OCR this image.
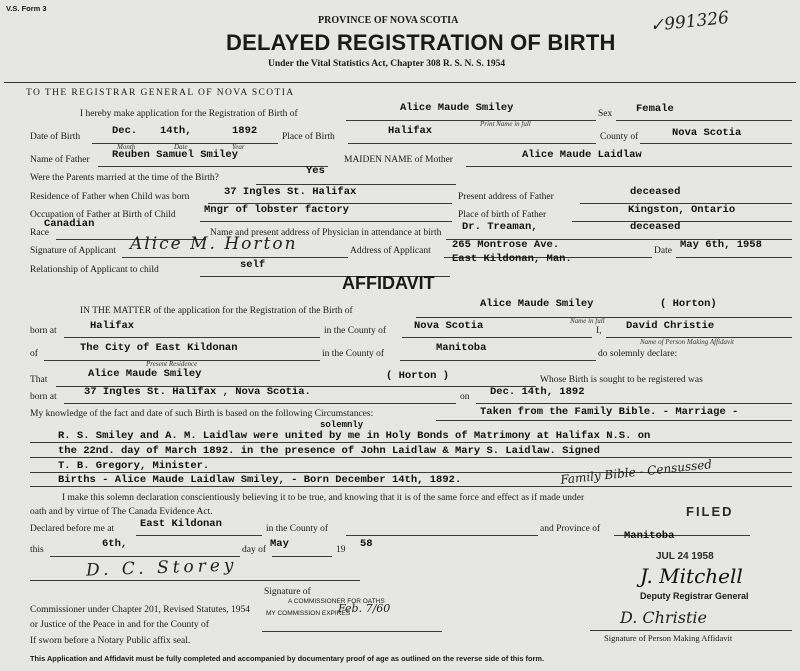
V.S. Form 3
PROVINCE OF NOVA SCOTIA
DELAYED REGISTRATION OF BIRTH
Under the Vital Statistics Act, Chapter 308 R. S. N. S. 1954
✓991326
TO THE REGISTRAR GENERAL OF NOVA SCOTIA
I hereby make application for the Registration of Birth of	Alice Maude Smiley
Print Name in full
Sex Female
Date of Birth	Dec. 14th,	1892
Month	Date	Year
Place of Birth	Halifax	County of	Nova Scotia
Name of Father Reuben Samuel Smiley	MAIDEN NAME of Mother	Alice Maude Laidlaw
Were the Parents married at the time of the Birth?
Yes
Residence of Father when Child was born	37 Ingles St. Halifax	Present address of Father	deceased
Occupation of Father at Birth of Child	Mngr of lobster factory	Place of birth of Father	Kingston, Ontario
Race
Canadian
Name and present address of Physician in attendance at birth Dr. Treaman,	deceased
Signature of Applicant Alice M. Horton	Address of Applicant 265 Montrose Ave.
East Kildonan, Man.
Date May 6th, 1958
Relationship of Applicant to child	self
AFFIDAVIT
IN THE MATTER of the application for the Registration of the Birth of
Alice Maude Smiley	( Horton)
Name in full
born at	Halifax	in the County of	Nova Scotia	I, David Christie
Name of Person Making Affidavit
of	The City of East Kildonan
Present Residence
in the County of	Manitoba	do solemnly declare:
That	Alice Maude Smiley	( Horton )	Whose Birth is sought to be registered was
born at	37 Ingles St. Halifax , Nova Scotia.	on Dec. 14th, 1892
My knowledge of the fact and date of such Birth is based on the following Circumstances:	Taken from the Family Bible. - Marriage -
solemnly
R. S. Smiley and A. M. Laidlaw were united by me in Holy Bonds of Matrimony at Halifax N.S. on
the 22nd. day of March 1892. in the presence of John Laidlaw & Mary S. Laidlaw. Signed
T. B. Gregory, Minister.
Births - Alice Maude Laidlaw Smiley, - Born December 14th, 1892.	Family Bible - Censussed
I make this solemn declaration conscientiously believing it to be true, and knowing that it is of the same force and effect as if made under
oath and by virtue of The Canada Evidence Act.
Declared before me at East Kildonan	in the County of	and Province of
Manitoba
this	6th,	day of May	19 58
D. C. Storey
Signature of
A COMMISSIONER FOR OATHS
MY COMMISSION EXPIRES
Feb. 7/60
Commissioner under Chapter 201, Revised Statutes, 1954
or Justice of the Peace in and for the County of
If sworn before a Notary Public affix seal.
FILED
JUL 24 1958
J. Mitchell
Deputy Registrar General
D. Christie
Signature of Person Making Affidavit
This Application and Affidavit must be fully completed and accompanied by documentary proof of age as outlined on the reverse side of this form.
